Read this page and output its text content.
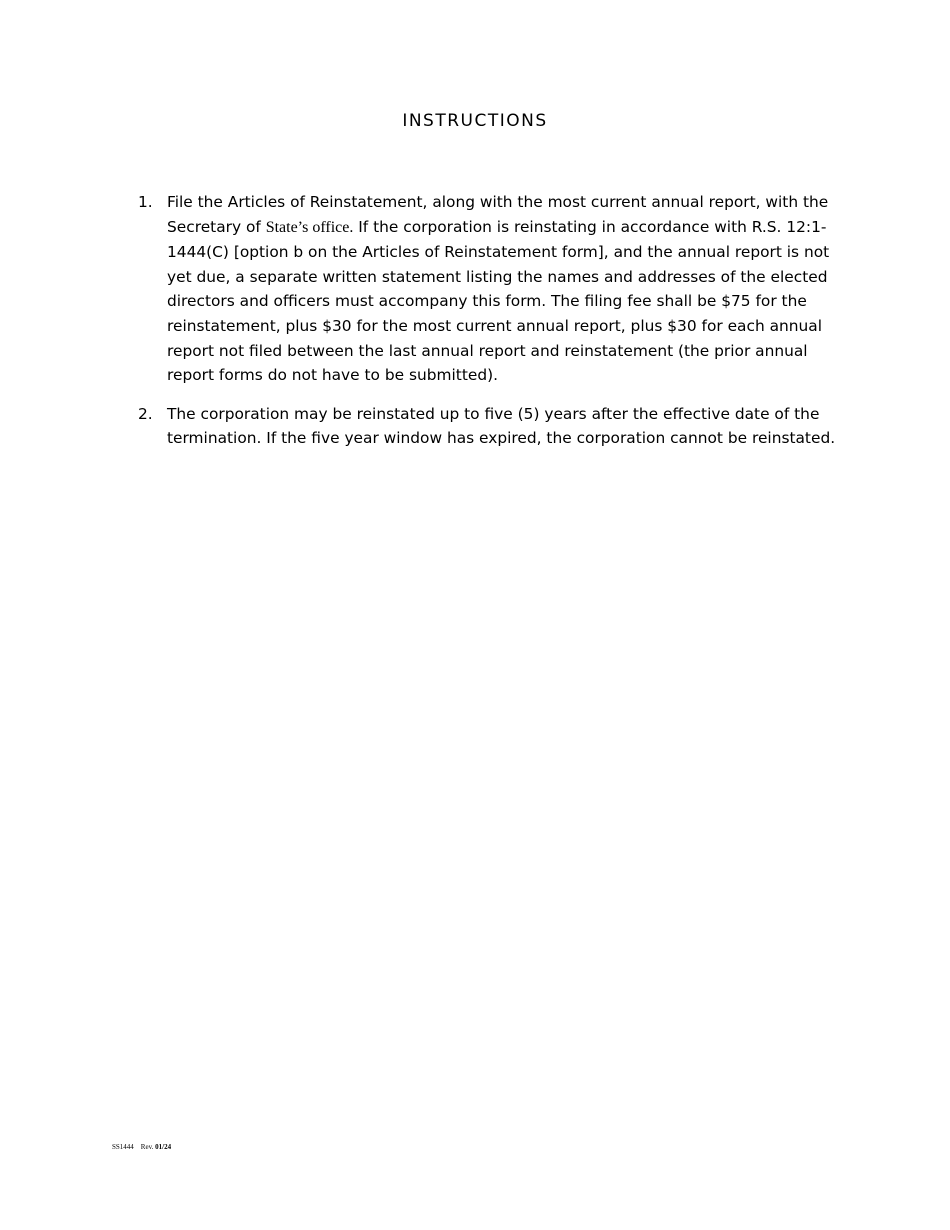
INSTRUCTIONS
1. File the Articles of Reinstatement, along with the most current annual report, with the Secretary of State’s office. If the corporation is reinstating in accordance with R.S. 12:1-1444(C) [option b on the Articles of Reinstatement form], and the annual report is not yet due, a separate written statement listing the names and addresses of the elected directors and officers must accompany this form. The filing fee shall be $75 for the reinstatement, plus $30 for the most current annual report, plus $30 for each annual report not filed between the last annual report and reinstatement (the prior annual report forms do not have to be submitted).
2. The corporation may be reinstated up to five (5) years after the effective date of the termination. If the five year window has expired, the corporation cannot be reinstated.
SS1444 Rev. 01/24
